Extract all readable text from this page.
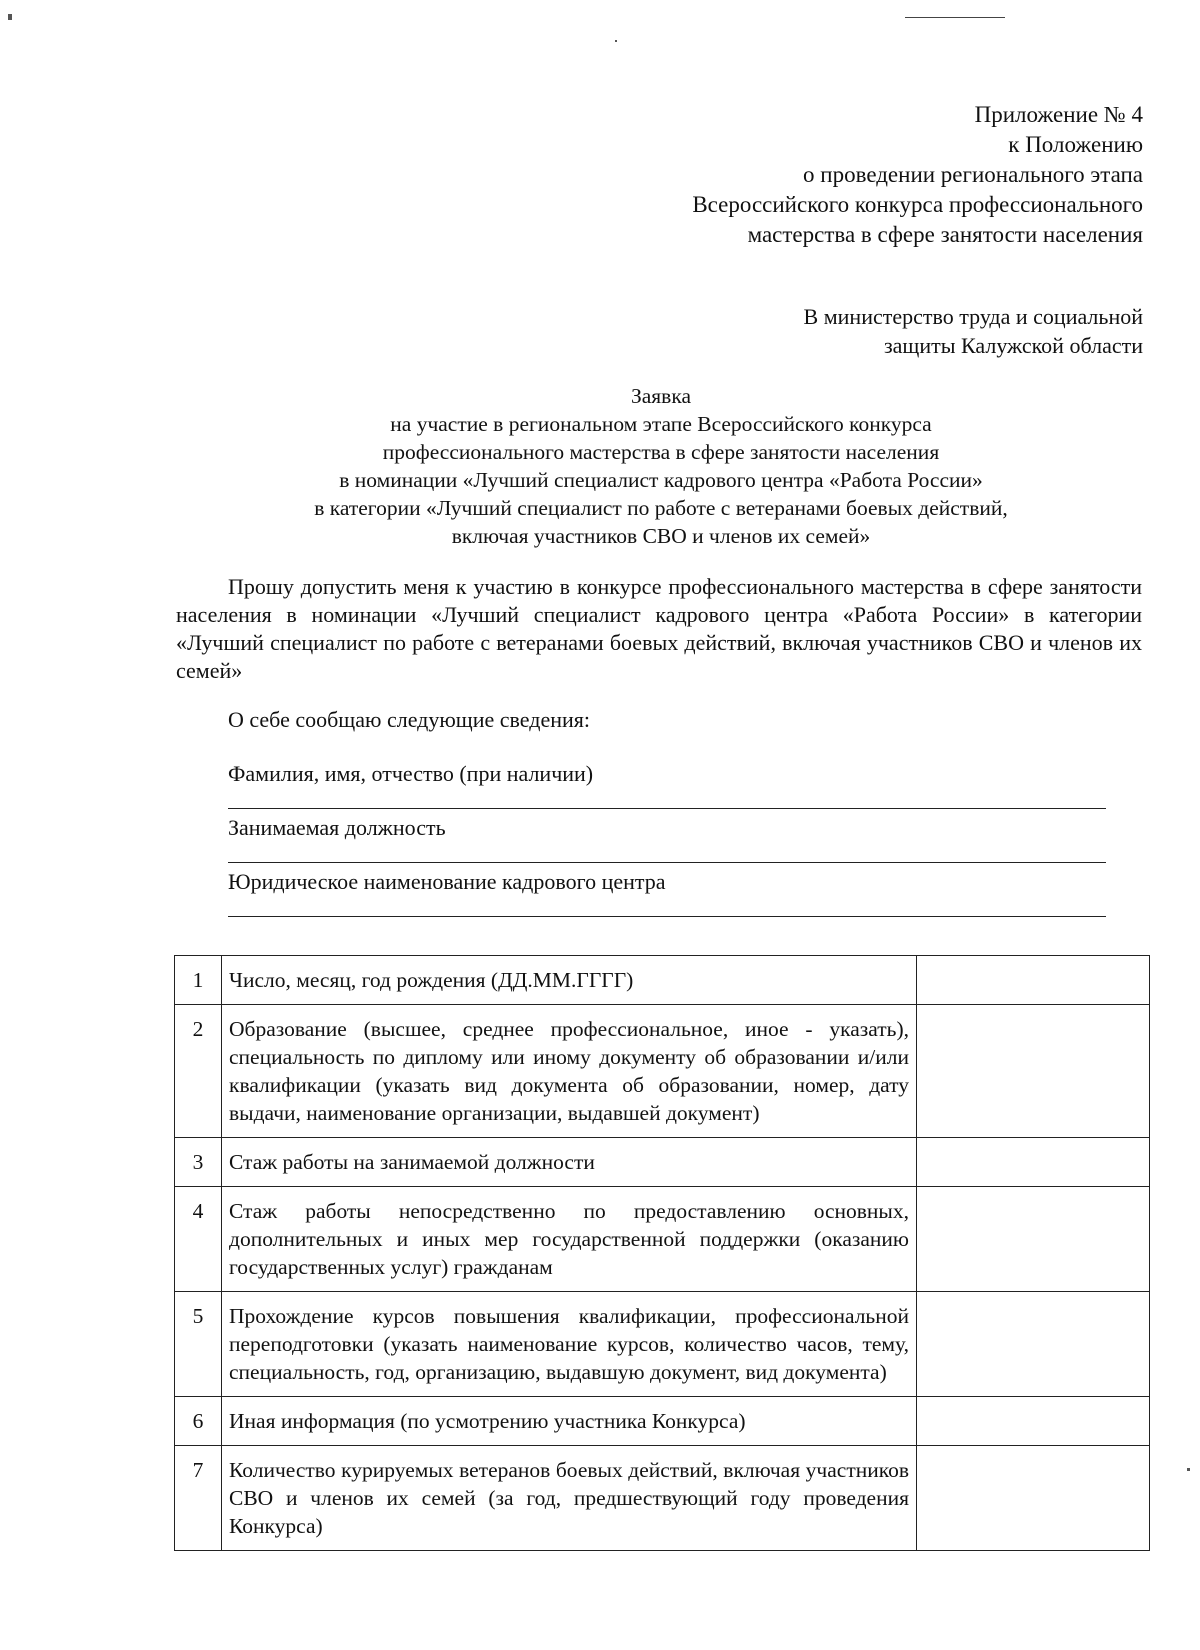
Приложение № 4
к Положению
о проведении регионального этапа
Всероссийского конкурса профессионального
мастерства в сфере занятости населения
В министерство труда и социальной
защиты Калужской области
Заявка
на участие в региональном этапе Всероссийского конкурса
профессионального мастерства в сфере занятости населения
в номинации «Лучший специалист кадрового центра «Работа России»
в категории «Лучший специалист по работе с ветеранами боевых действий,
включая участников СВО и членов их семей»
Прошу допустить меня к участию в конкурсе профессионального мастерства в сфере занятости населения в номинации «Лучший специалист кадрового центра «Работа России» в категории «Лучший специалист по работе с ветеранами боевых действий, включая участников СВО и членов их семей»
О себе сообщаю следующие сведения:
Фамилия, имя, отчество (при наличии)
Занимаемая должность
Юридическое наименование кадрового центра
1	Число, месяц, год рождения (ДД.ММ.ГГГГ)	
2	Образование (высшее, среднее профессиональное, иное - указать), специальность по диплому или иному документу об образовании и/или квалификации (указать вид документа об образовании, номер, дату выдачи, наименование организации, выдавшей документ)	
3	Стаж работы на занимаемой должности	
4	Стаж работы непосредственно по предоставлению основных, дополнительных и иных мер государственной поддержки (оказанию государственных услуг) гражданам	
5	Прохождение курсов повышения квалификации, профессиональной переподготовки (указать наименование курсов, количество часов, тему, специальность, год, организацию, выдавшую документ, вид документа)	
6	Иная информация (по усмотрению участника Конкурса)	
7	Количество курируемых ветеранов боевых действий, включая участников СВО и членов их семей (за год, предшествующий году проведения Конкурса)	
